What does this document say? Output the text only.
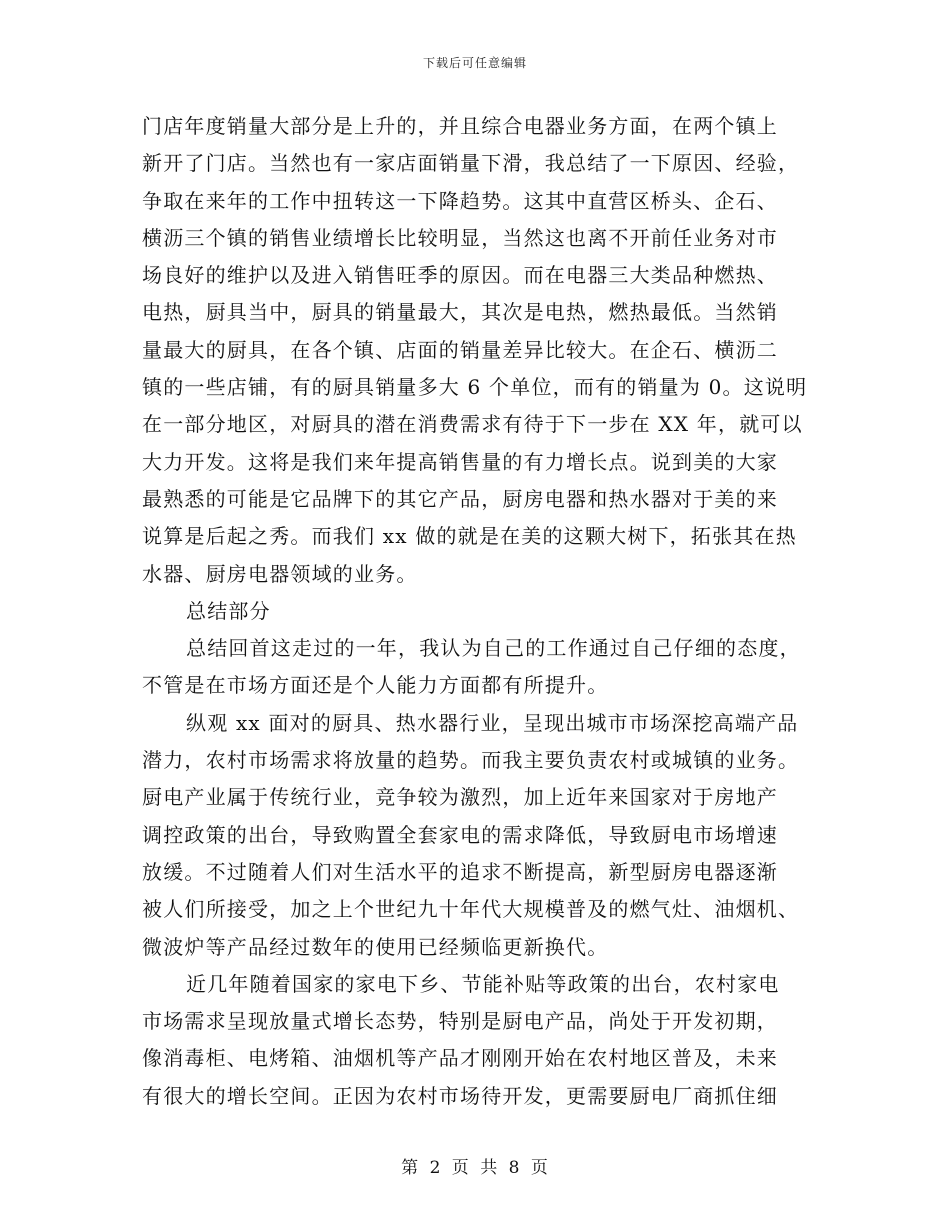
下载后可任意编辑

门店年度销量大部分是上升的，并且综合电器业务方面，在两个镇上
新开了门店。当然也有一家店面销量下滑，我总结了一下原因、经验，
争取在来年的工作中扭转这一下降趋势。这其中直营区桥头、企石、
横沥三个镇的销售业绩增长比较明显，当然这也离不开前任业务对市
场良好的维护以及进入销售旺季的原因。而在电器三大类品种燃热、
电热，厨具当中，厨具的销量最大，其次是电热，燃热最低。当然销
量最大的厨具，在各个镇、店面的销量差异比较大。在企石、横沥二
镇的一些店铺，有的厨具销量多大 6 个单位，而有的销量为 0。这说明
在一部分地区，对厨具的潜在消费需求有待于下一步在 XX 年，就可以
大力开发。这将是我们来年提高销售量的有力增长点。说到美的大家
最熟悉的可能是它品牌下的其它产品，厨房电器和热水器对于美的来
说算是后起之秀。而我们 xx 做的就是在美的这颗大树下，拓张其在热
水器、厨房电器领域的业务。

总结部分

总结回首这走过的一年，我认为自己的工作通过自己仔细的态度，
不管是在市场方面还是个人能力方面都有所提升。

纵观 xx 面对的厨具、热水器行业，呈现出城市市场深挖高端产品
潜力，农村市场需求将放量的趋势。而我主要负责农村或城镇的业务。
厨电产业属于传统行业，竞争较为激烈，加上近年来国家对于房地产
调控政策的出台，导致购置全套家电的需求降低，导致厨电市场增速
放缓。不过随着人们对生活水平的追求不断提高，新型厨房电器逐渐
被人们所接受，加之上个世纪九十年代大规模普及的燃气灶、油烟机、
微波炉等产品经过数年的使用已经频临更新换代。

近几年随着国家的家电下乡、节能补贴等政策的出台，农村家电
市场需求呈现放量式增长态势，特别是厨电产品，尚处于开发初期，
像消毒柜、电烤箱、油烟机等产品才刚刚开始在农村地区普及，未来
有很大的增长空间。正因为农村市场待开发，更需要厨电厂商抓住细

第 2 页 共 8 页
